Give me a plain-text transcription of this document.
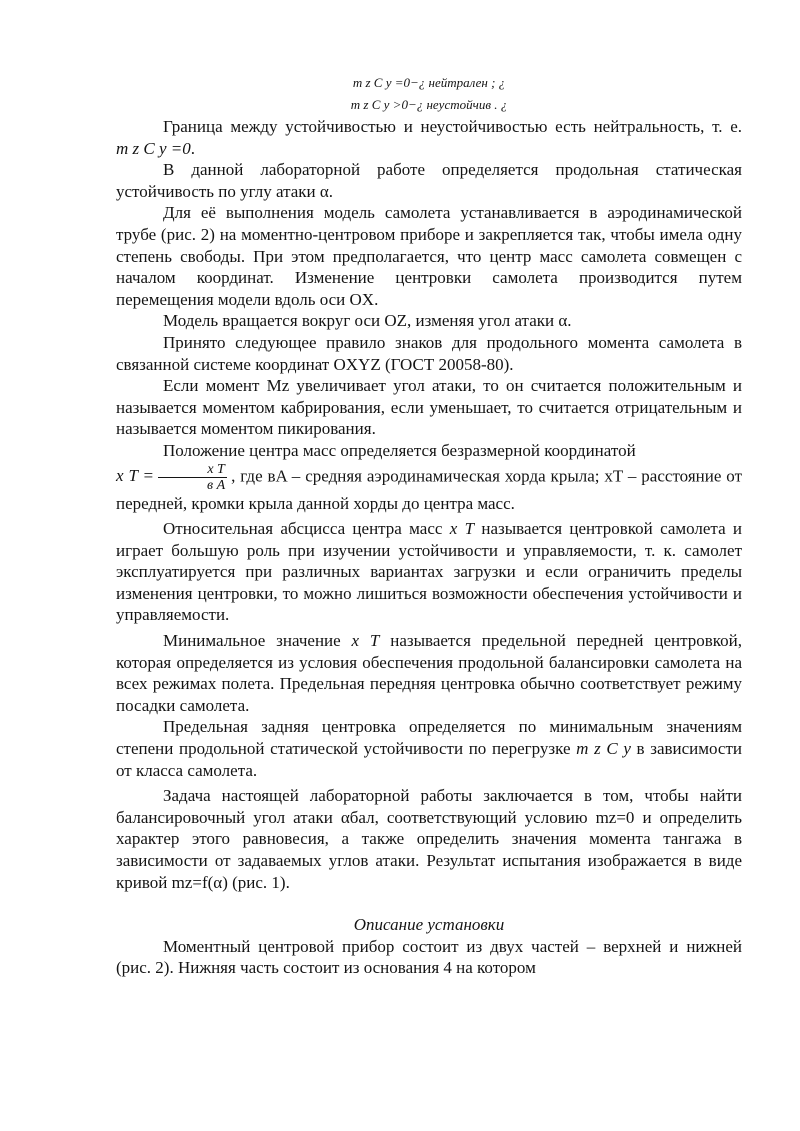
m z C y =0−¿ нейтрален ; ¿

m z C y >0−¿ неустойчив . ¿

Граница между устойчивостью и неустойчивостью есть нейтральность, т. е. m z C y =0.

В данной лабораторной работе определяется продольная статическая устойчивость по углу атаки α.

Для её выполнения модель самолета устанавливается в аэродинамической трубе (рис. 2) на моментно-центровом приборе и закрепляется так, чтобы имела одну степень свободы. При этом предполагается, что центр масс самолета совмещен с началом координат. Изменение центровки самолета производится путем перемещения модели вдоль оси OX.

Модель вращается вокруг оси OZ, изменяя угол атаки α.

Принято следующее правило знаков для продольного момента самолета в связанной системе координат OXYZ (ГОСТ 20058-80).

Если момент Mz увеличивает угол атаки, то он считается положительным и называется моментом кабрирования, если уменьшает, то считается отрицательным и называется моментом пикирования.

Положение центра масс определяется безразмерной координатой
x $T = \frac{\text{x T}}{\text{в A}}$ , где вA – средняя аэродинамическая хорда крыла; xT – расстояние от передней, кромки крыла данной хорды до центра масс.

Относительная абсцисса центра масс x T называется центровкой самолета и играет большую роль при изучении устойчивости и управляемости, т. к. самолет эксплуатируется при различных вариантах загрузки и если ограничить пределы изменения центровки, то можно лишиться возможности обеспечения устойчивости и управляемости.

Минимальное значение x T называется предельной передней центровкой, которая определяется из условия обеспечения продольной балансировки самолета на всех режимах полета. Предельная передняя центровка обычно соответствует режиму посадки самолета.

Предельная задняя центровка определяется по минимальным значениям степени продольной статической устойчивости по перегрузке m z C y в зависимости от класса самолета.

Задача настоящей лабораторной работы заключается в том, чтобы найти балансировочный угол атаки αбал, соответствующий условию mz=0 и определить характер этого равновесия, а также определить значения момента тангажа в зависимости от задаваемых углов атаки. Результат испытания изображается в виде кривой mz=f(α) (рис. 1).

Описание установки

Моментный центровой прибор состоит из двух частей – верхней и нижней (рис. 2). Нижняя часть состоит из основания 4 на котором
